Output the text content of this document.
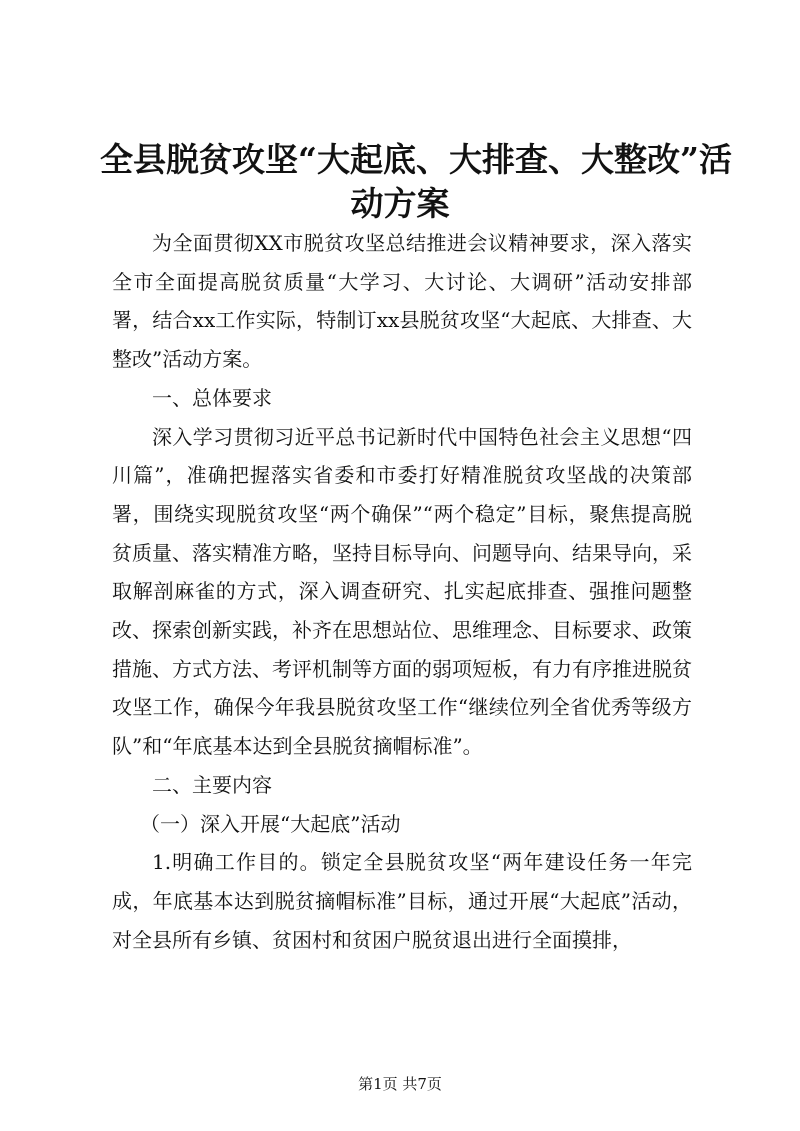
全县脱贫攻坚“大起底、大排查、大整改”活
动方案

为全面贯彻XX市脱贫攻坚总结推进会议精神要求，深入落实全市全面提高脱贫质量“大学习、大讨论、大调研”活动安排部署，结合xx工作实际，特制订xx县脱贫攻坚“大起底、大排查、大整改”活动方案。

一、总体要求

深入学习贯彻习近平总书记新时代中国特色社会主义思想“四川篇”，准确把握落实省委和市委打好精准脱贫攻坚战的决策部署，围绕实现脱贫攻坚“两个确保”“两个稳定”目标，聚焦提高脱贫质量、落实精准方略，坚持目标导向、问题导向、结果导向，采取解剖麻雀的方式，深入调查研究、扎实起底排查、强推问题整改、探索创新实践，补齐在思想站位、思维理念、目标要求、政策措施、方式方法、考评机制等方面的弱项短板，有力有序推进脱贫攻坚工作，确保今年我县脱贫攻坚工作“继续位列全省优秀等级方队”和“年底基本达到全县脱贫摘帽标准”。

二、主要内容

（一）深入开展“大起底”活动

1.明确工作目的。锁定全县脱贫攻坚“两年建设任务一年完成，年底基本达到脱贫摘帽标准”目标，通过开展“大起底”活动，对全县所有乡镇、贫困村和贫困户脱贫退出进行全面摸排，

第1页 共7页
